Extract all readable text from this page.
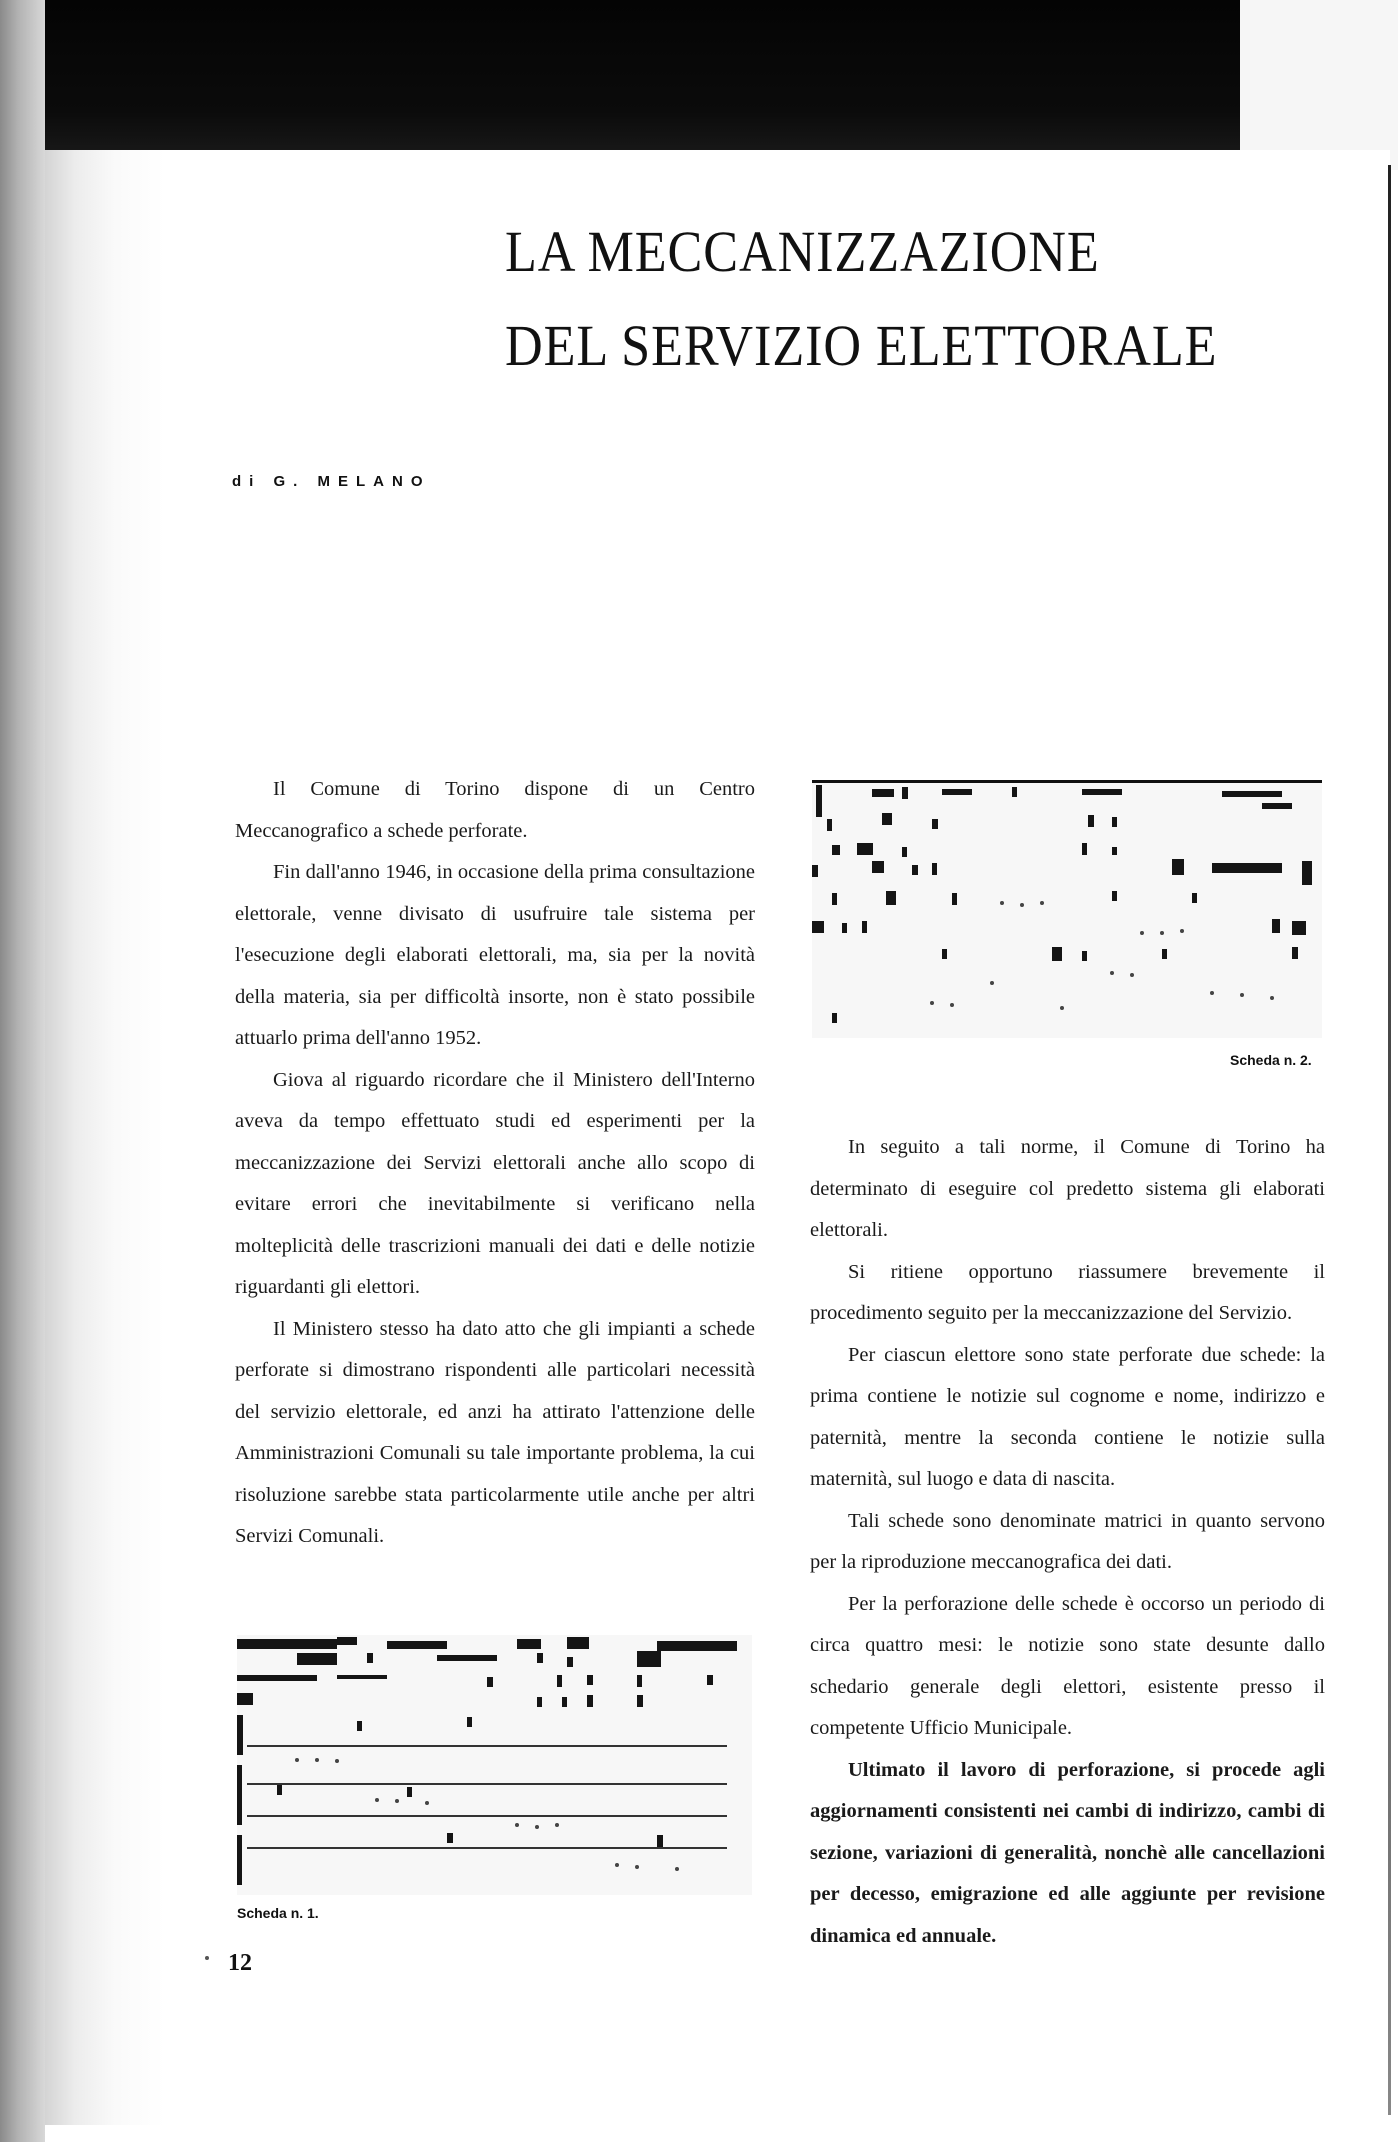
LA MECCANIZZAZIONE
DEL SERVIZIO ELETTORALE
di G. MELANO

Il Comune di Torino dispone di un Centro Meccanografico a schede perforate.

Fin dall'anno 1946, in occasione della prima consultazione elettorale, venne divisato di usufruire tale sistema per l'esecuzione degli elaborati elettorali, ma, sia per la novità della materia, sia per difficoltà insorte, non è stato possibile attuarlo prima dell'anno 1952.

Giova al riguardo ricordare che il Ministero dell'Interno aveva da tempo effettuato studi ed esperimenti per la meccanizzazione dei Servizi elettorali anche allo scopo di evitare errori che inevitabilmente si verificano nella molteplicità delle trascrizioni manuali dei dati e delle notizie riguardanti gli elettori.

Il Ministero stesso ha dato atto che gli impianti a schede perforate si dimostrano rispondenti alle particolari necessità del servizio elettorale, ed anzi ha attirato l'attenzione delle Amministrazioni Comunali su tale importante problema, la cui risoluzione sarebbe stata particolarmente utile anche per altri Servizi Comunali.

Scheda n. 2.

In seguito a tali norme, il Comune di Torino ha determinato di eseguire col predetto sistema gli elaborati elettorali.

Si ritiene opportuno riassumere brevemente il procedimento seguito per la meccanizzazione del Servizio.

Per ciascun elettore sono state perforate due schede: la prima contiene le notizie sul cognome e nome, indirizzo e paternità, mentre la seconda contiene le notizie sulla maternità, sul luogo e data di nascita.

Tali schede sono denominate matrici in quanto servono per la riproduzione meccanografica dei dati.

Per la perforazione delle schede è occorso un periodo di circa quattro mesi: le notizie sono state desunte dallo schedario generale degli elettori, esistente presso il competente Ufficio Municipale.

Ultimato il lavoro di perforazione, si procede agli aggiornamenti consistenti nei cambi di indirizzo, cambi di sezione, variazioni di generalità, nonchè alle cancellazioni per decesso, emigrazione ed alle aggiunte per revisione dinamica ed annuale.

Scheda n. 1.
12
